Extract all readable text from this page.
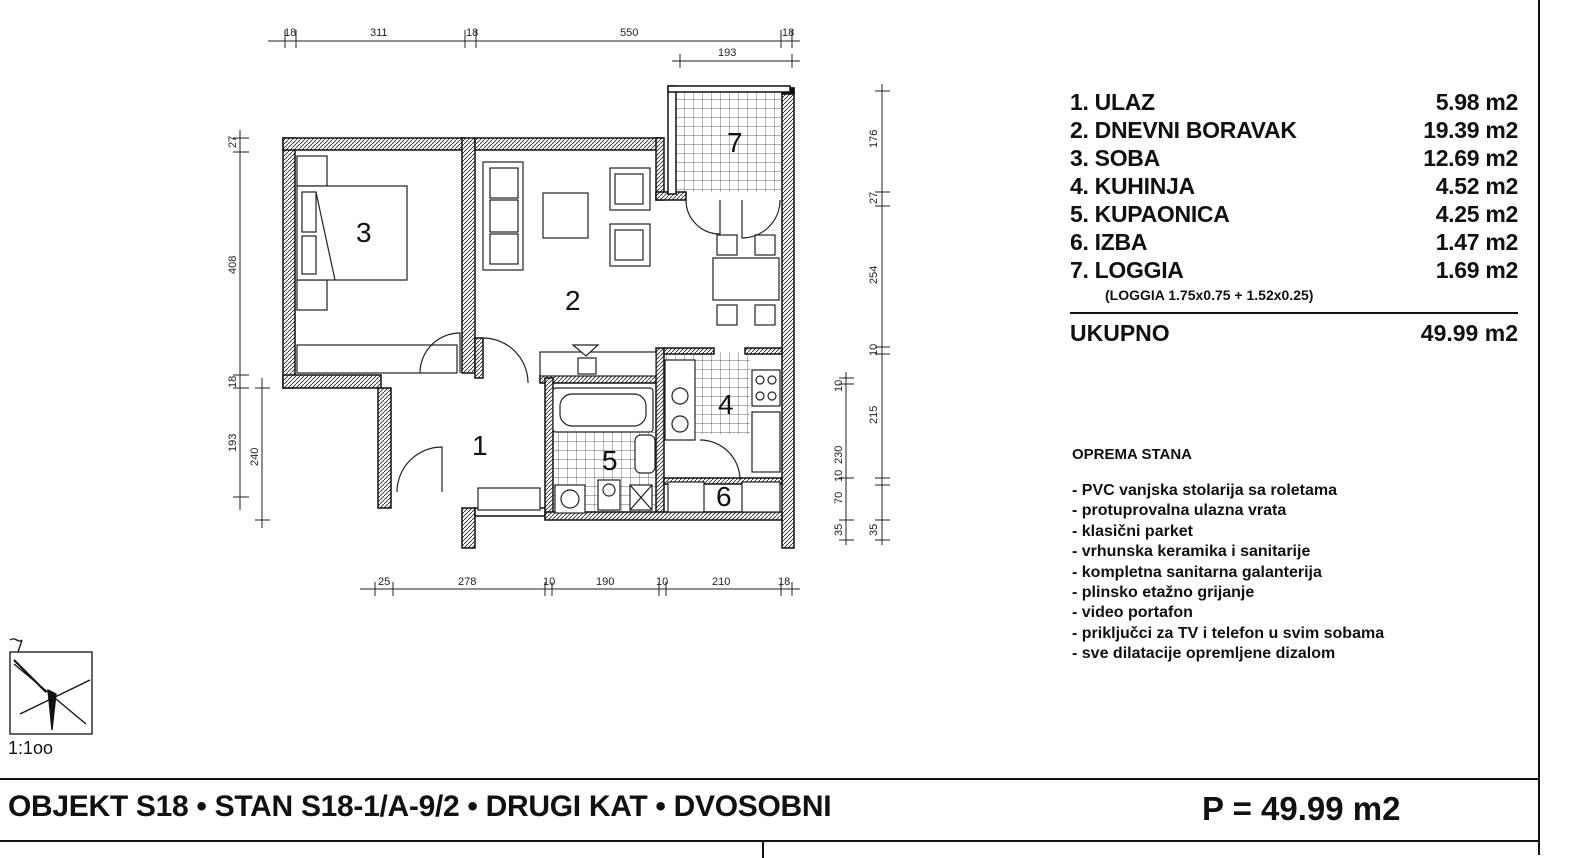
18	311	18	550	18
193
27
408
18
193
240
176
27
254
10
215
230
10
70
35 35
10
25	278	10	190	10	210	18
1
2
3
4
5
6
7
1:1oo
1. ULAZ	5.98 m2
2. DNEVNI BORAVAK	19.39 m2
3. SOBA	12.69 m2
4. KUHINJA	4.52 m2
5. KUPAONICA	4.25 m2
6. IZBA	1.47 m2
7. LOGGIA	1.69 m2
(LOGGIA 1.75x0.75 + 1.52x0.25)
UKUPNO	49.99 m2
OPREMA STANA
- PVC vanjska stolarija sa roletama
- protuprovalna ulazna vrata
- klasični parket
- vrhunska keramika i sanitarije
- kompletna sanitarna galanterija
- plinsko etažno grijanje
- video portafon
- priključci za TV i telefon u svim sobama
- sve dilatacije opremljene dizalom
OBJEKT S18 • STAN S18-1/A-9/2 • DRUGI KAT • DVOSOBNI	P = 49.99 m2
